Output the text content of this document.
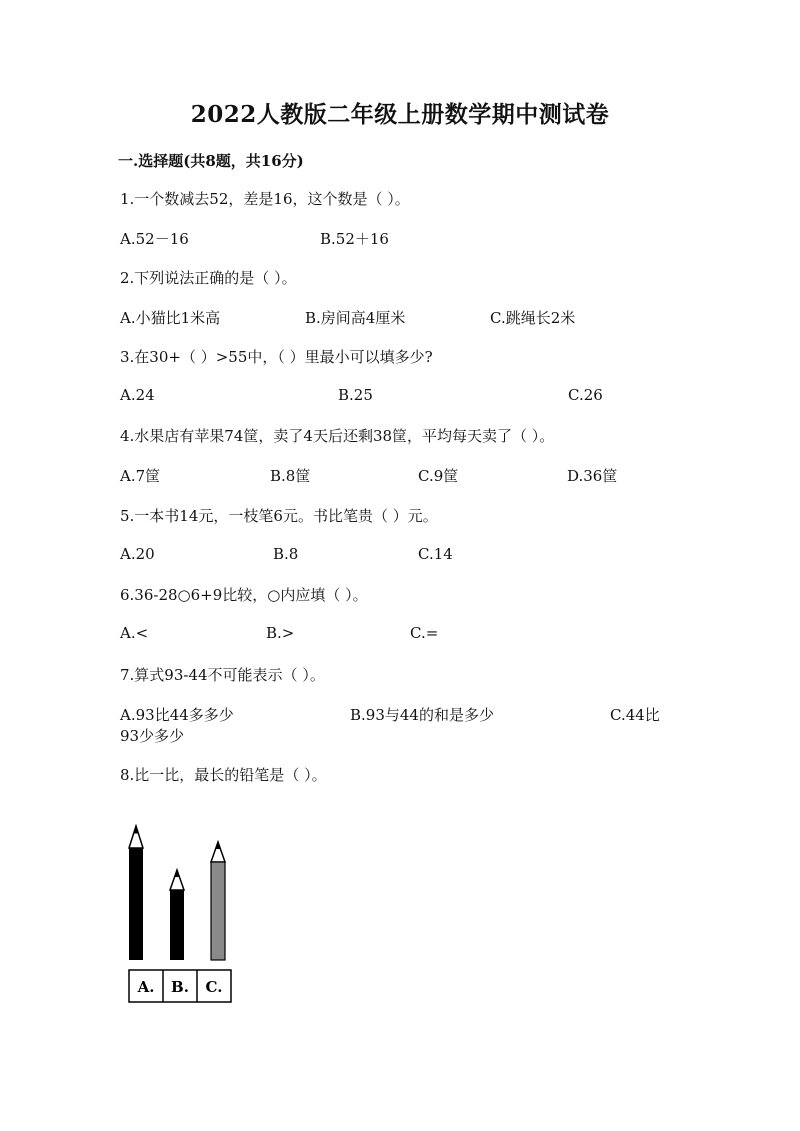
2022人教版二年级上册数学期中测试卷
一.选择题(共8题，共16分)
1.一个数减去52，差是16，这个数是（ ）。
A.52－16	B.52＋16
2.下列说法正确的是（ ）。
A.小猫比1米高	B.房间高4厘米	C.跳绳长2米
3.在30+（ ）>55中，（ ）里最小可以填多少?
A.24	B.25	C.26
4.水果店有苹果74筐，卖了4天后还剩38筐，平均每天卖了（ ）。
A.7筐	B.8筐	C.9筐	D.36筐
5.一本书14元，一枝笔6元。书比笔贵（ ）元。
A.20	B.8	C.14
6.36-28○6+9比较，○内应填（ ）。
A.<	B.>	C.=
7.算式93-44不可能表示（ ）。
A.93比44多多少	B.93与44的和是多少	C.44比
93少多少
8.比一比，最长的铅笔是（ ）。
A. B. C.
